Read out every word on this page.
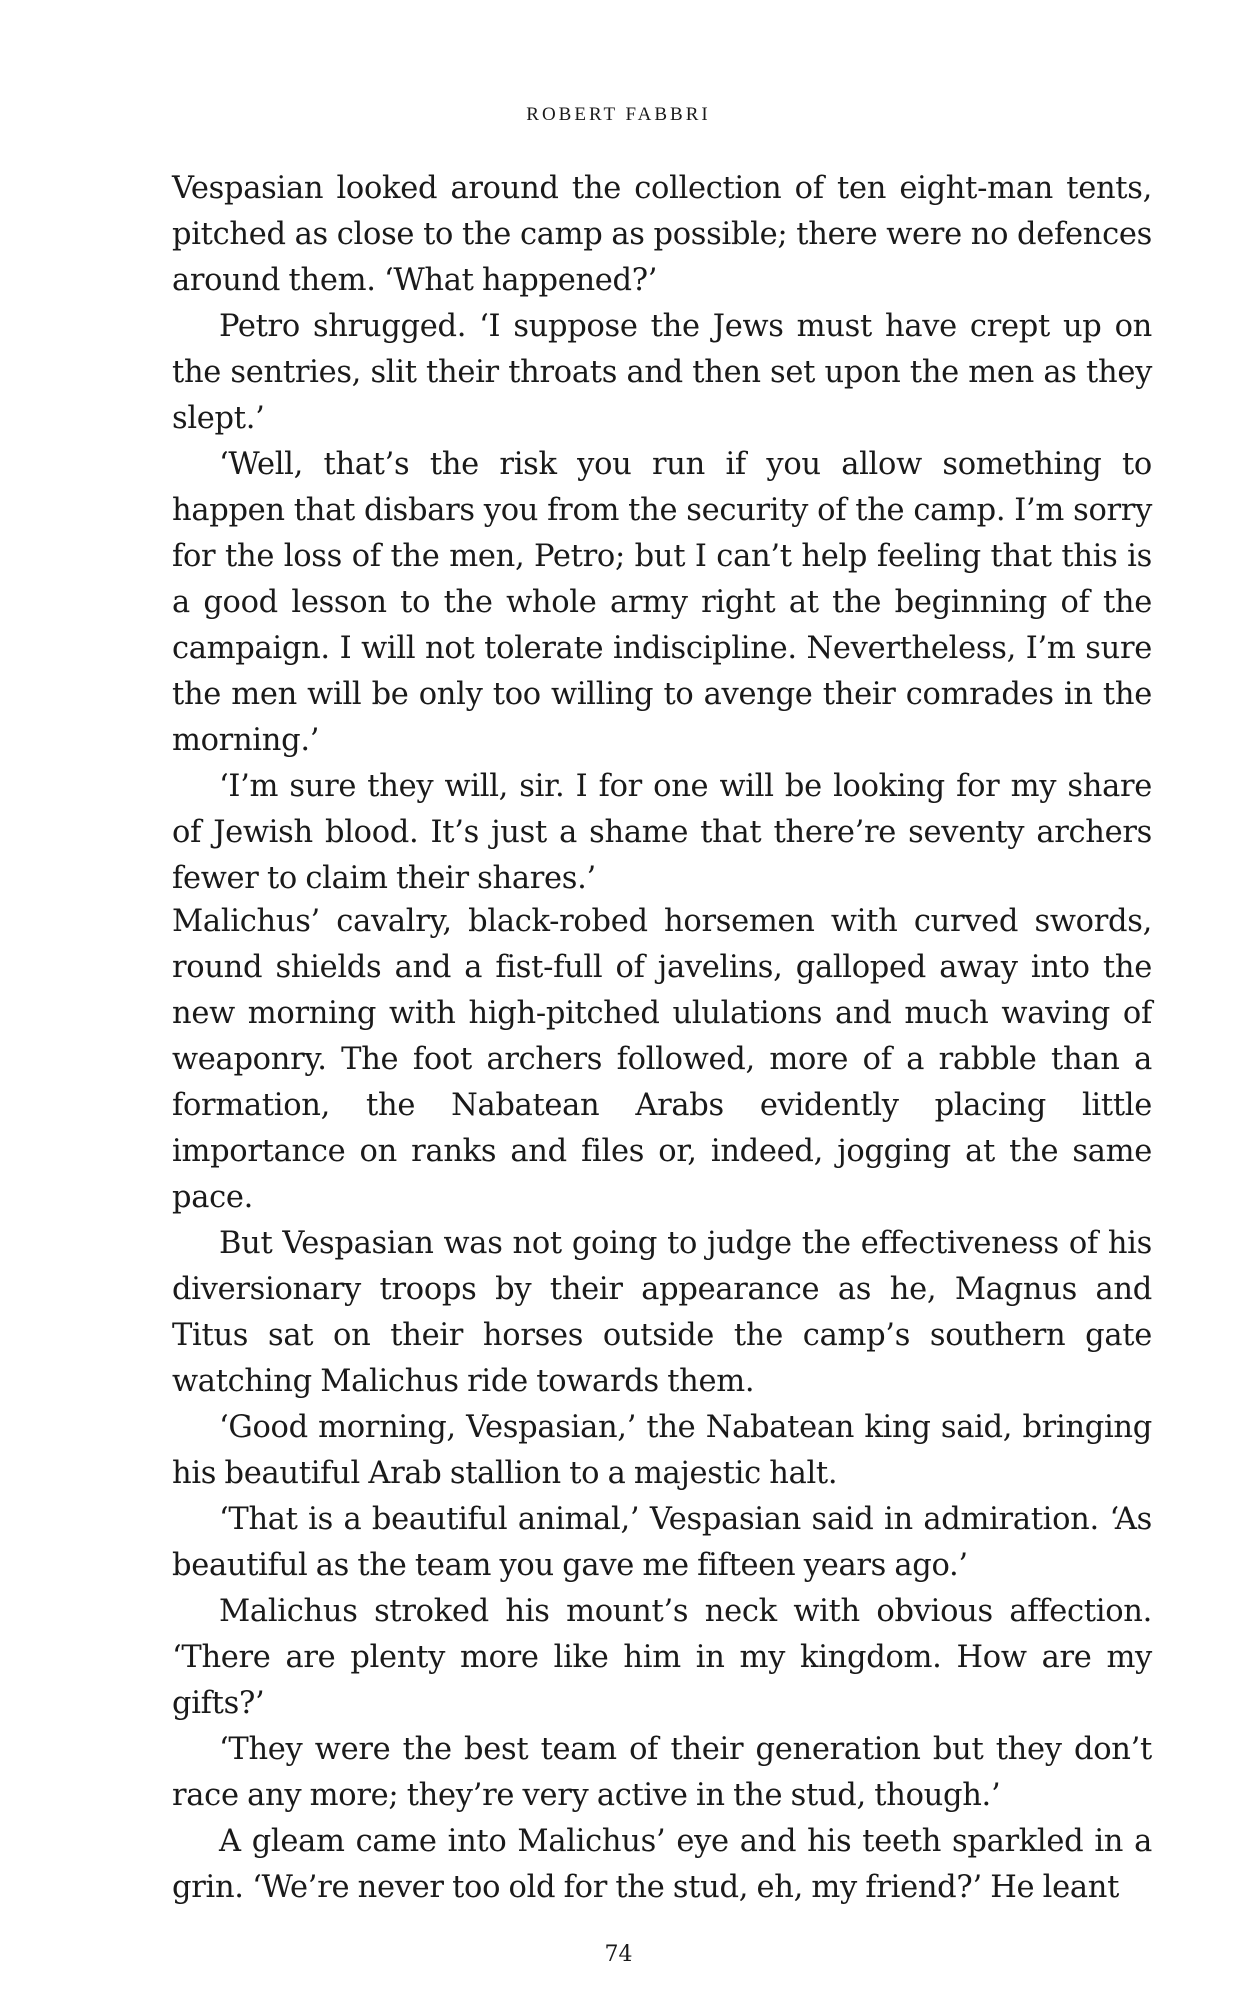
ROBERT FABBRI

Vespasian looked around the collection of ten eight-man tents, pitched as close to the camp as possible; there were no defences around them. ‘What happened?’

Petro shrugged. ‘I suppose the Jews must have crept up on the sentries, slit their throats and then set upon the men as they slept.’

‘Well, that’s the risk you run if you allow something to happen that disbars you from the security of the camp. I’m sorry for the loss of the men, Petro; but I can’t help feeling that this is a good lesson to the whole army right at the beginning of the campaign. I will not tolerate indiscipline. Nevertheless, I’m sure the men will be only too willing to avenge their comrades in the morning.’

‘I’m sure they will, sir. I for one will be looking for my share of Jewish blood. It’s just a shame that there’re seventy archers fewer to claim their shares.’

Malichus’ cavalry, black-robed horsemen with curved swords, round shields and a fist-full of javelins, galloped away into the new morning with high-pitched ululations and much waving of weaponry. The foot archers followed, more of a rabble than a formation, the Nabatean Arabs evidently placing little importance on ranks and files or, indeed, jogging at the same pace.

But Vespasian was not going to judge the effectiveness of his diversionary troops by their appearance as he, Magnus and Titus sat on their horses outside the camp’s southern gate watching Malichus ride towards them.

‘Good morning, Vespasian,’ the Nabatean king said, bringing his beautiful Arab stallion to a majestic halt.

‘That is a beautiful animal,’ Vespasian said in admiration. ‘As beautiful as the team you gave me fifteen years ago.’

Malichus stroked his mount’s neck with obvious affection. ‘There are plenty more like him in my kingdom. How are my gifts?’

‘They were the best team of their generation but they don’t race any more; they’re very active in the stud, though.’

A gleam came into Malichus’ eye and his teeth sparkled in a grin. ‘We’re never too old for the stud, eh, my friend?’ He leant

74
